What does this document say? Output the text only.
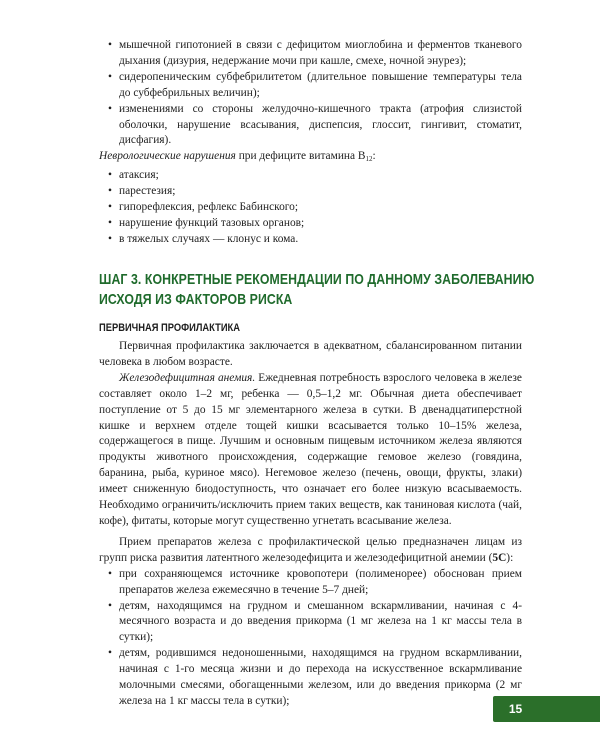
• мышечной гипотонией в связи с дефицитом миоглобина и ферментов тканевого дыхания (дизурия, недержание мочи при кашле, смехе, ночной энурез);
• сидеропеническим субфебрилитетом (длительное повышение температуры тела до субфебрильных величин);
• изменениями со стороны желудочно-кишечного тракта (атрофия слизистой оболочки, нарушение всасывания, диспепсия, глоссит, гингивит, стоматит, дисфагия).

Неврологические нарушения при дефиците витамина $B_{12}$:

• атаксия;
• парестезия;
• гипорефлексия, рефлекс Бабинского;
• нарушение функций тазовых органов;
• в тяжелых случаях — клонус и кома.
ШАГ 3. КОНКРЕТНЫЕ РЕКОМЕНДАЦИИ ПО ДАННОМУ ЗАБОЛЕВАНИЮ
ИСХОДЯ ИЗ ФАКТОРОВ РИСКА
ПЕРВИЧНАЯ ПРОФИЛАКТИКА

Первичная профилактика заключается в адекватном, сбалансированном питании человека в любом возрасте.

Железодефицитная анемия. Ежедневная потребность взрослого человека в железе составляет около 1–2 мг, ребенка — 0,5–1,2 мг. Обычная диета обеспечивает поступление от 5 до 15 мг элементарного железа в сутки. В двенадцатиперстной кишке и верхнем отделе тощей кишки всасывается только 10–15% железа, содержащегося в пище. Лучшим и основным пищевым источником железа являются продукты животного происхождения, содержащие гемовое железо (говядина, баранина, рыба, куриное мясо). Негемовое железо (печень, овощи, фрукты, злаки) имеет сниженную биодоступность, что означает его более низкую всасываемость. Необходимо ограничить/исключить прием таких веществ, как таниновая кислота (чай, кофе), фитаты, которые могут существенно угнетать всасывание железа.

Прием препаратов железа с профилактической целью предназначен лицам из групп риска развития латентного железодефицита и железодефицитной анемии (5С):

• при сохраняющемся источнике кровопотери (полименорее) обоснован прием препаратов железа ежемесячно в течение 5–7 дней;
• детям, находящимся на грудном и смешанном вскармливании, начиная с 4-месячного возраста и до введения прикорма (1 мг железа на 1 кг массы тела в сутки);
• детям, родившимся недоношенными, находящимся на грудном вскармливании, начиная с 1-го месяца жизни и до перехода на искусственное вскармливание молочными смесями, обогащенными железом, или до введения прикорма (2 мг железа на 1 кг массы тела в сутки);
15
